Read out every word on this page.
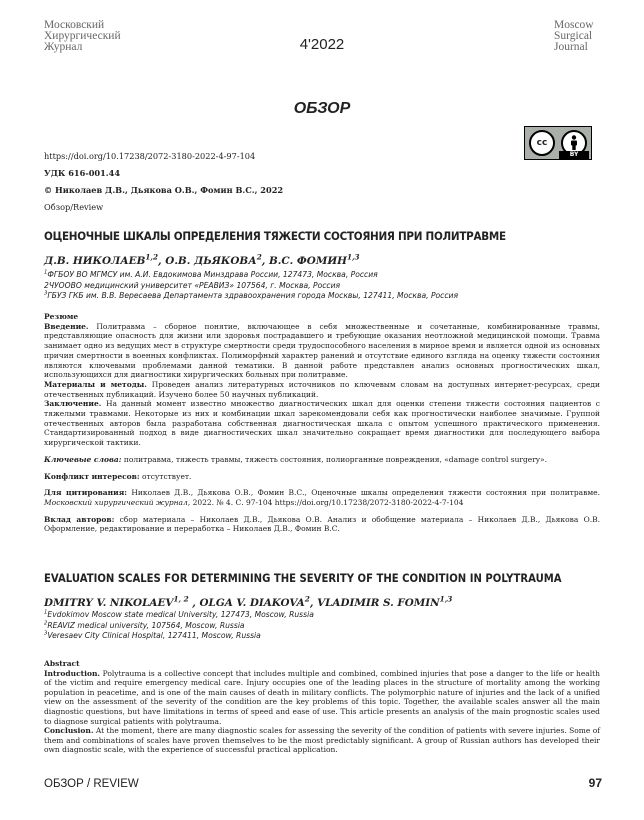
Московский
Хирургический
Журнал	4'2022
Moscow
Surgical
Journal
ОБЗОР
cc
BY
https://doi.org/10.17238/2072-3180-2022-4-97-104
УДК 616-001.44
© Николаев Д.В., Дьякова О.В., Фомин В.С., 2022
Обзор/Review
ОЦЕНОЧНЫЕ ШКАЛЫ ОПРЕДЕЛЕНИЯ ТЯЖЕСТИ СОСТОЯНИЯ ПРИ ПОЛИТРАВМЕ
Д.В. НИКОЛАЕВ$^{1,2}$, О.В. ДЬЯКОВА$^2$, В.С. ФОМИН$^{1,3}$
$^1$ФГБОУ ВО МГМСУ им. А.И. Евдокимова Минздрава России, 127473, Москва, Россия
2ЧУООВО медицинский университет «РЕАВИЗ» 107564, г. Москва, Россия
$^3$ГБУЗ ГКБ им. В.В. Вересаева Департамента здравоохранения города Москвы, 127411, Москва, Россия

Резюме

Введение. Политравма – сборное понятие, включающее в себя множественные и сочетанные, комбинированные травмы, представляющие опасность для жизни или здоровья пострадавшего и требующие оказания неотложной медицинской помощи. Травма занимает одно из ведущих мест в структуре смертности среди трудоспособного населения в мирное время и является одной из основных причин смертности в военных конфликтах. Полиморфный характер ранений и отсутствие единого взгляда на оценку тяжести состояния являются ключевыми проблемами данной тематики. В данной работе представлен анализ основных прогностических шкал, использующихся для диагностики хирургических больных при политравме.

Материалы и методы. Проведен анализ литературных источников по ключевым словам на доступных интернет-ресурсах, среди отечественных публикаций. Изучено более 50 научных публикаций.

Заключение. На данный момент известно множество диагностических шкал для оценки степени тяжести состояния пациентов с тяжелыми травмами. Некоторые из них и комбинации шкал зарекомендовали себя как прогностически наиболее значимые. Группой отечественных авторов была разработана собственная диагностическая шкала с опытом успешного практического применения. Стандартизированный подход в виде диагностических шкал значительно сокращает время диагностики для последующего выбора хирургической тактики.

Ключевые слова: политравма, тяжесть травмы, тяжесть состояния, полиорганные повреждения, «damage control surgery».

Конфликт интересов: отсутствует.

Для цитирования: Николаев Д.В., Дьякова О.В., Фомин В.С., Оценочные шкалы определения тяжести состояния при политравме. Московский хирургический журнал, 2022. № 4. С. 97-104 https://doi.org/10.17238/2072-3180-2022-4-7-104

Вклад авторов: сбор материала – Николаев Д.В., Дьякова О.В. Анализ и обобщение материала – Николаев Д.В., Дьякова О.В. Оформление, редактирование и переработка – Николаев Д.В., Фомин В.С.

EVALUATION SCALES FOR DETERMINING THE SEVERITY OF THE CONDITION IN POLYTRAUMA
DMITRY V. NIKOLAEV$^{1, 2}$ , OLGA V. DIAKOVA$^2$, VLADIMIR S. FOMIN$^{1,3}$
$^1$Evdokimov Moscow state medical University, 127473, Moscow, Russia
$^2$REAVIZ medical university, 107564, Moscow, Russia
$^3$Veresaev City Clinical Hospital, 127411, Moscow, Russia

Abstract

Introduction. Polytrauma is a collective concept that includes multiple and combined, combined injuries that pose a danger to the life or health of the victim and require emergency medical care. Injury occupies one of the leading places in the structure of mortality among the working population in peacetime, and is one of the main causes of death in military conflicts. The polymorphic nature of injuries and the lack of a unified view on the assessment of the severity of the condition are the key problems of this topic. Together, the available scales answer all the main diagnostic questions, but have limitations in terms of speed and ease of use. This article presents an analysis of the main prognostic scales used to diagnose surgical patients with polytrauma.

Conclusion. At the moment, there are many diagnostic scales for assessing the severity of the condition of patients with severe injuries. Some of them and combinations of scales have proven themselves to be the most predictably significant. A group of Russian authors has developed their own diagnostic scale, with the experience of successful practical application.

ОБЗОР / REVIEW	97
